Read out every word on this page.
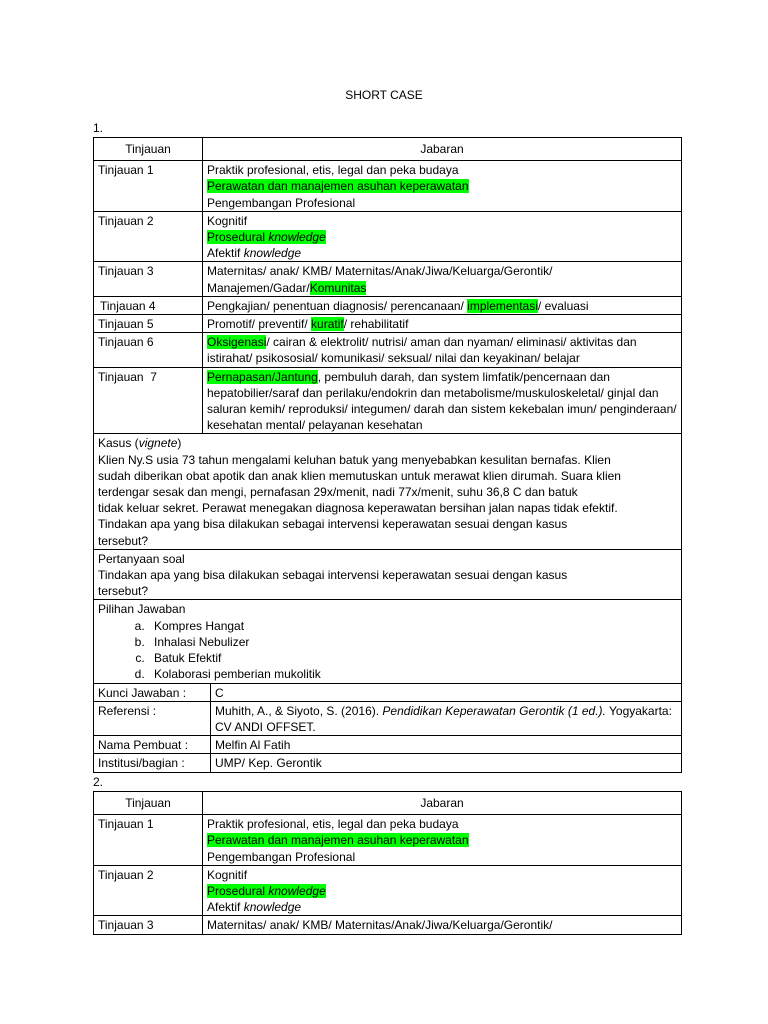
SHORT CASE
1.
Tinjauan	Jabaran
Tinjauan 1	Praktik profesional, etis, legal dan peka budaya
Perawatan dan manajemen asuhan keperawatan
Pengembangan Profesional

Tinjauan 2	Kognitif
Prosedural knowledge
Afektif knowledge

Tinjauan 3	Maternitas/ anak/ KMB/ Maternitas/Anak/Jiwa/Keluarga/Gerontik/ Manajemen/Gadar/Komunitas
Tinjauan 4	Pengkajian/ penentuan diagnosis/ perencanaan/ implementasi/ evaluasi
Tinjauan 5	Promotif/ preventif/ kuratif/ rehabilitatif
Tinjauan 6	Oksigenasi/ cairan & elektrolit/ nutrisi/ aman dan nyaman/ eliminasi/ aktivitas dan istirahat/ psikososial/ komunikasi/ seksual/ nilai dan keyakinan/ belajar
Tinjauan  7	Pernapasan/Jantung, pembuluh darah, dan system limfatik/pencernaan dan hepatobilier/saraf dan perilaku/endokrin dan metabolisme/muskuloskeletal/ ginjal dan saluran kemih/ reproduksi/ integumen/ darah dan sistem kekebalan imun/ penginderaan/ kesehatan mental/ pelayanan kesehatan

Kasus (vignete)
Klien Ny.S usia 73 tahun mengalami keluhan batuk yang menyebabkan kesulitan bernafas. Klien
sudah diberikan obat apotik dan anak klien memutuskan untuk merawat klien dirumah. Suara klien
terdengar sesak dan mengi, pernafasan 29x/menit, nadi 77x/menit, suhu 36,8 C dan batuk
tidak keluar sekret. Perawat menegakan diagnosa keperawatan bersihan jalan napas tidak efektif.
Tindakan apa yang bisa dilakukan sebagai intervensi keperawatan sesuai dengan kasus
tersebut?

Pertanyaan soal
Tindakan apa yang bisa dilakukan sebagai intervensi keperawatan sesuai dengan kasus
tersebut?

Pilihan Jawaban
a. Kompres Hangat
b. Inhalasi Nebulizer
c. Batuk Efektif
d. Kolaborasi pemberian mukolitik

Kunci Jawaban :	C
Referensi :	Muhith, A., & Siyoto, S. (2016). Pendidikan Keperawatan Gerontik (1 ed.). Yogyakarta: CV ANDI OFFSET.
Nama Pembuat :	Melfin Al Fatih
Institusi/bagian :	UMP/ Kep. Gerontik
2.
Tinjauan	Jabaran
Tinjauan 1	Praktik profesional, etis, legal dan peka budaya
Perawatan dan manajemen asuhan keperawatan
Pengembangan Profesional

Tinjauan 2	Kognitif
Prosedural knowledge
Afektif knowledge

Tinjauan 3	Maternitas/ anak/ KMB/ Maternitas/Anak/Jiwa/Keluarga/Gerontik/
